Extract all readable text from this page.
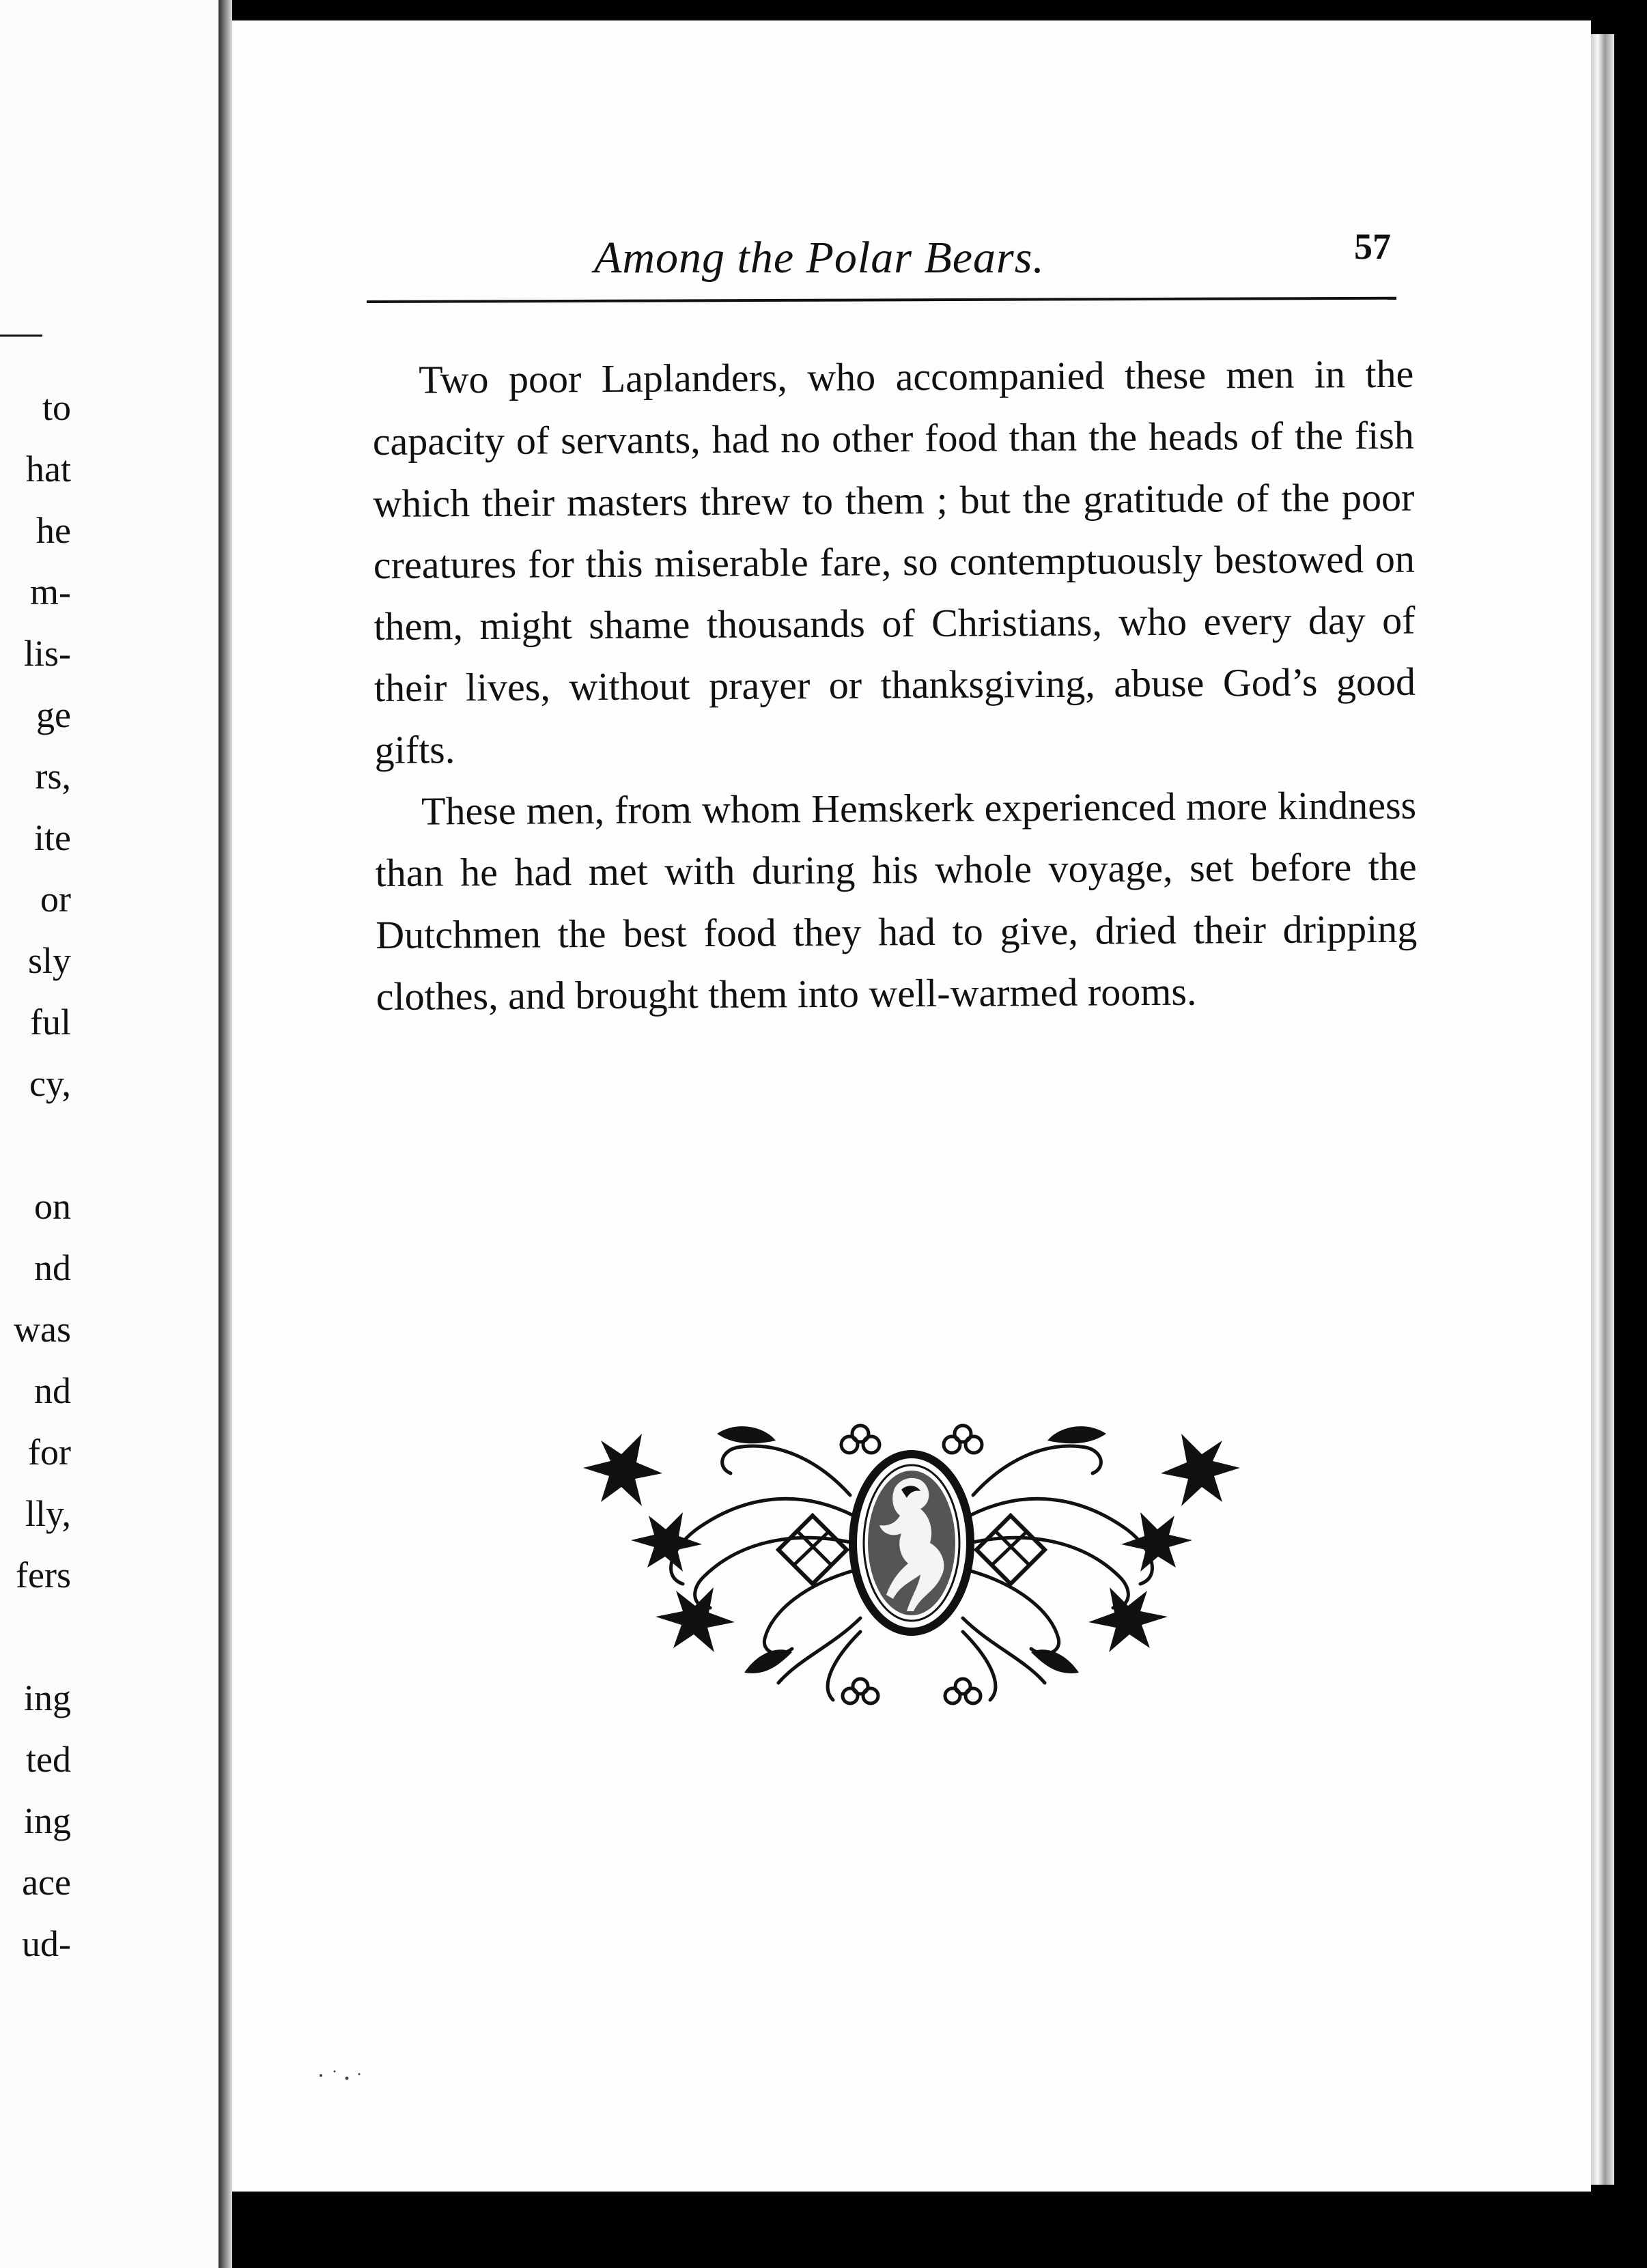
to
hat
he
m-
lis-
ge
rs,
ite
or
sly
ful
cy,
on
nd
was
nd
for
lly,
fers
ing
ted
ing
ace
ud-
Among the Polar Bears.	57

Two poor Laplanders, who accompanied these men in the capacity of servants, had no other food than the heads of the fish which their masters threw to them ; but the gratitude of the poor creatures for this miserable fare, so contemptuously bestowed on them, might shame thousands of Christians, who every day of their lives, without prayer or thanksgiving, abuse God’s good gifts.

These men, from whom Hemskerk experienced more kindness than he had met with during his whole voyage, set before the Dutchmen the best food they had to give, dried their dripping clothes, and brought them into well-warmed rooms.
